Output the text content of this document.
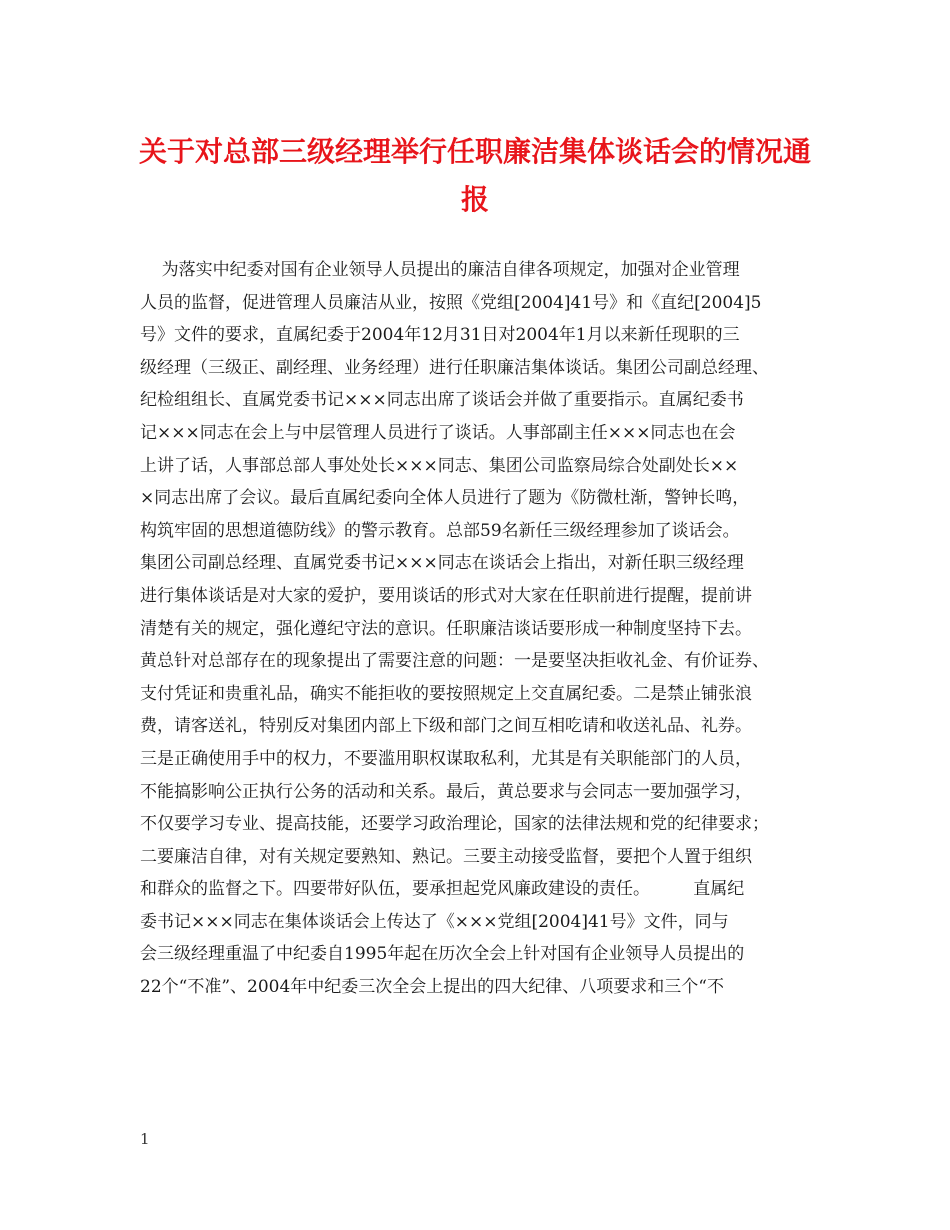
关于对总部三级经理举行任职廉洁集体谈话会的情况通
报
为落实中纪委对国有企业领导人员提出的廉洁自律各项规定，加强对企业管理
人员的监督，促进管理人员廉洁从业，按照《党组[2004]41号》和《直纪[2004]5
号》文件的要求，直属纪委于2004年12月31日对2004年1月以来新任现职的三
级经理（三级正、副经理、业务经理）进行任职廉洁集体谈话。集团公司副总经理、
纪检组组长、直属党委书记×××同志出席了谈话会并做了重要指示。直属纪委书
记×××同志在会上与中层管理人员进行了谈话。人事部副主任×××同志也在会
上讲了话，人事部总部人事处处长×××同志、集团公司监察局综合处副处长××
×同志出席了会议。最后直属纪委向全体人员进行了题为《防微杜渐，警钟长鸣，
构筑牢固的思想道德防线》的警示教育。总部59名新任三级经理参加了谈话会。
集团公司副总经理、直属党委书记×××同志在谈话会上指出，对新任职三级经理
进行集体谈话是对大家的爱护，要用谈话的形式对大家在任职前进行提醒，提前讲
清楚有关的规定，强化遵纪守法的意识。任职廉洁谈话要形成一种制度坚持下去。
黄总针对总部存在的现象提出了需要注意的问题：一是要坚决拒收礼金、有价证券、
支付凭证和贵重礼品，确实不能拒收的要按照规定上交直属纪委。二是禁止铺张浪
费，请客送礼，特别反对集团内部上下级和部门之间互相吃请和收送礼品、礼券。
三是正确使用手中的权力，不要滥用职权谋取私利，尤其是有关职能部门的人员，
不能搞影响公正执行公务的活动和关系。最后，黄总要求与会同志一要加强学习，
不仅要学习专业、提高技能，还要学习政治理论，国家的法律法规和党的纪律要求；
二要廉洁自律，对有关规定要熟知、熟记。三要主动接受监督，要把个人置于组织
和群众的监督之下。四要带好队伍，要承担起党风廉政建设的责任。        直属纪
委书记×××同志在集体谈话会上传达了《×××党组[2004]41号》文件，同与
会三级经理重温了中纪委自1995年起在历次全会上针对国有企业领导人员提出的
22个“不准”、2004年中纪委三次全会上提出的四大纪律、八项要求和三个“不

1
